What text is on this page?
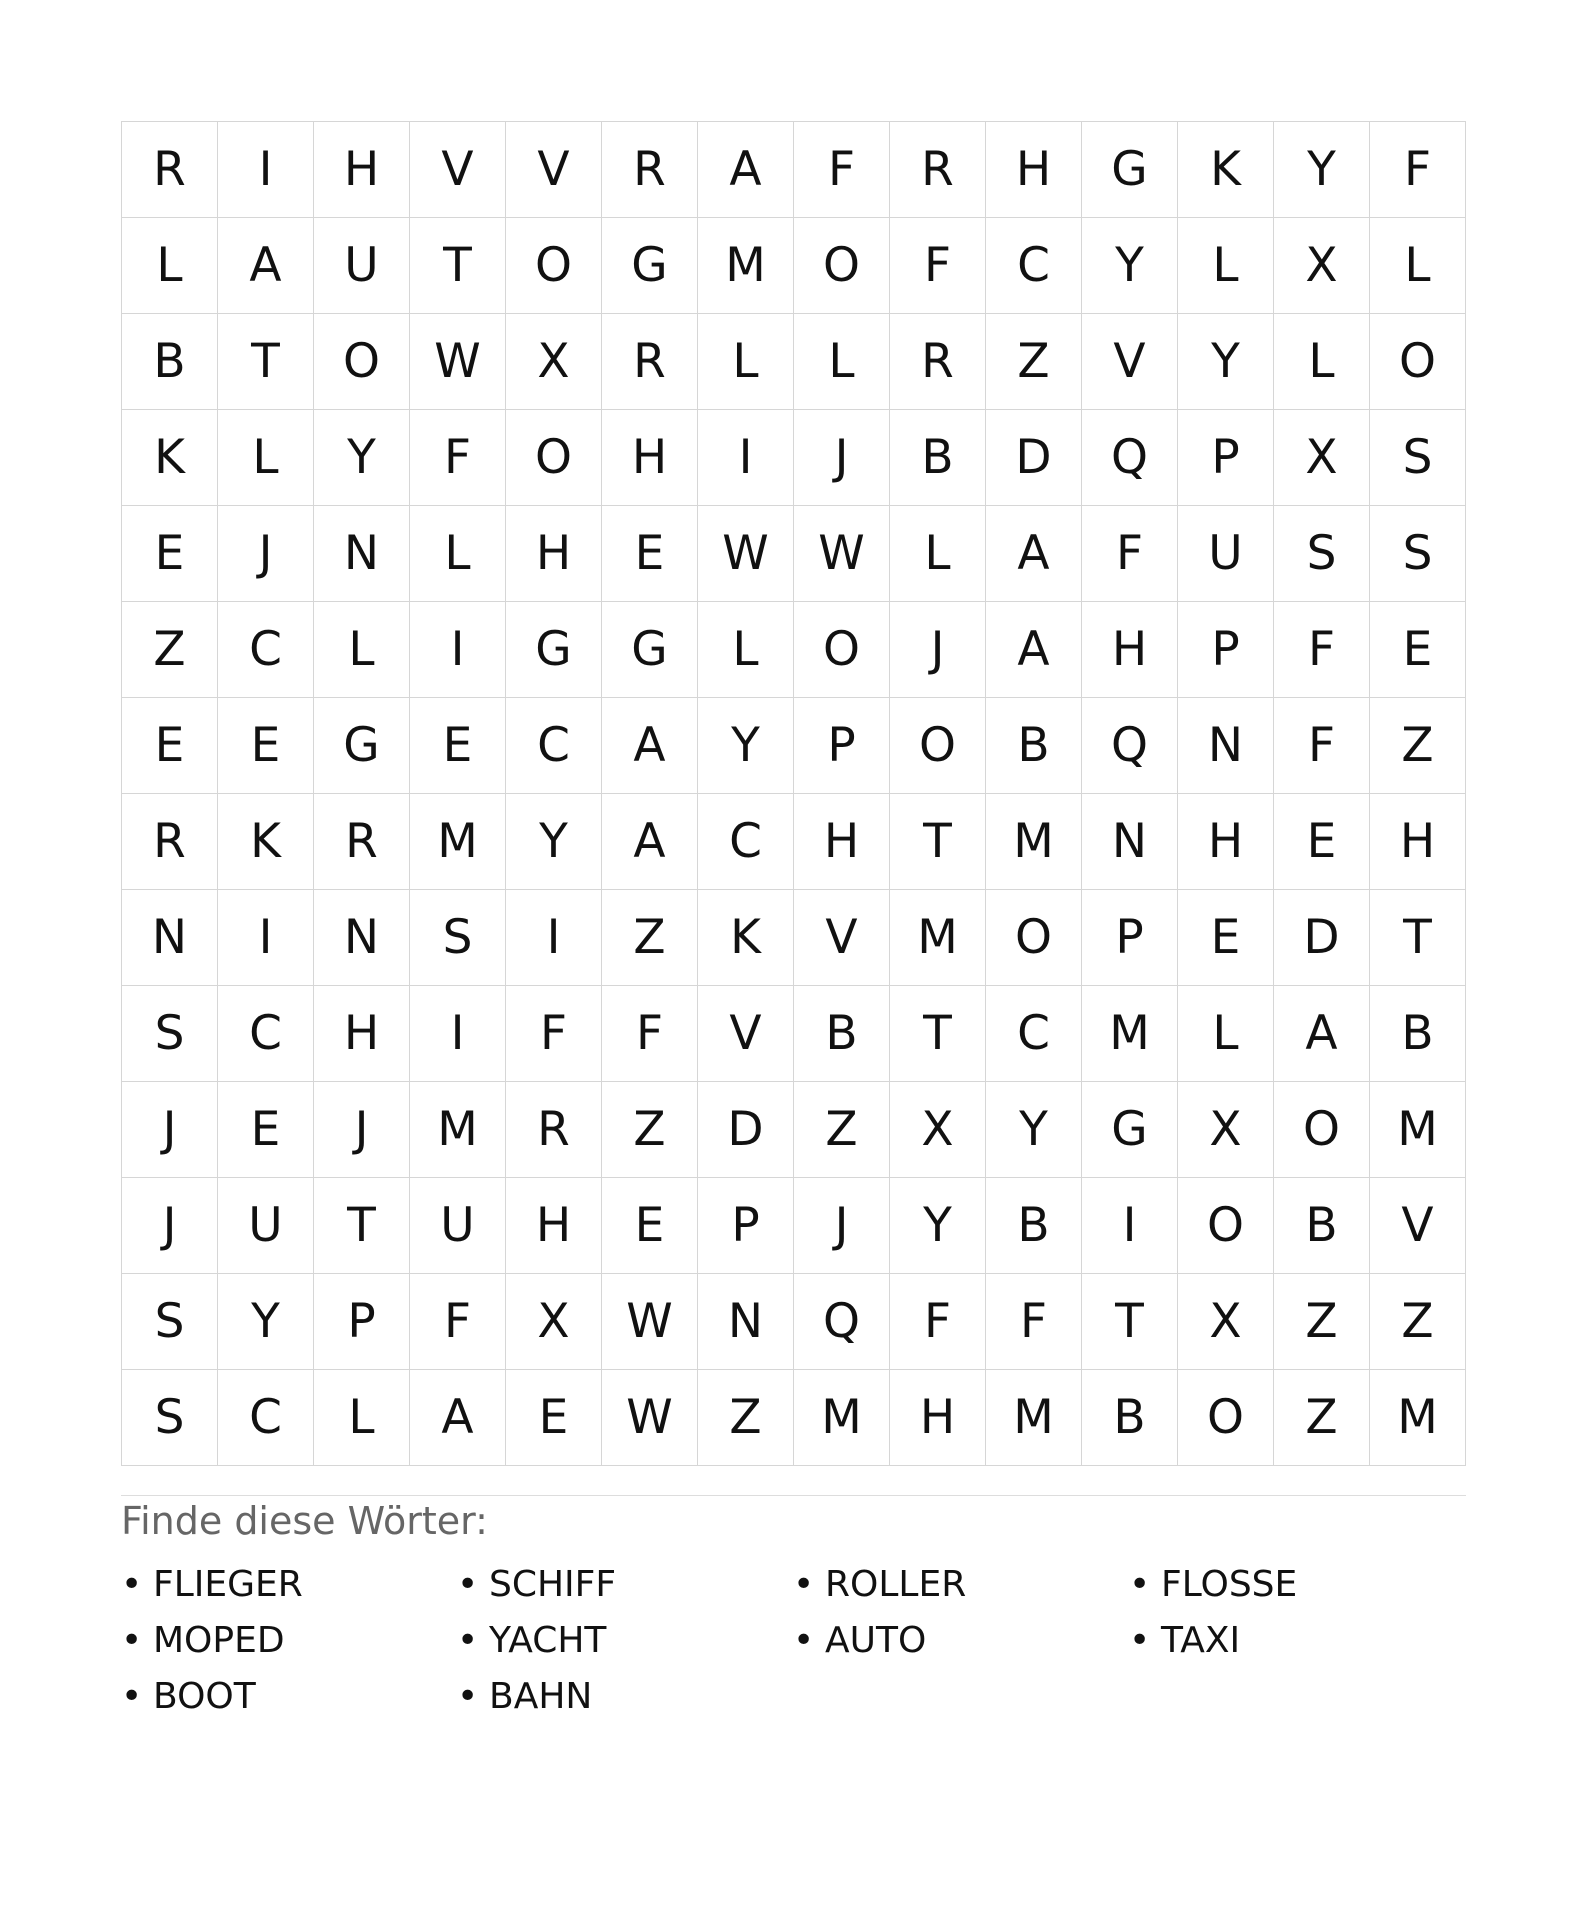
R	I	H	V	V	R	A	F	R	H	G	K	Y	F
L	A	U	T	O	G	M	O	F	C	Y	L	X	L
B	T	O	W	X	R	L	L	R	Z	V	Y	L	O
K	L	Y	F	O	H	I	J	B	D	Q	P	X	S
E	J	N	L	H	E	W	W	L	A	F	U	S	S
Z	C	L	I	G	G	L	O	J	A	H	P	F	E
E	E	G	E	C	A	Y	P	O	B	Q	N	F	Z
R	K	R	M	Y	A	C	H	T	M	N	H	E	H
N	I	N	S	I	Z	K	V	M	O	P	E	D	T
S	C	H	I	F	F	V	B	T	C	M	L	A	B
J	E	J	M	R	Z	D	Z	X	Y	G	X	O	M
J	U	T	U	H	E	P	J	Y	B	I	O	B	V
S	Y	P	F	X	W	N	Q	F	F	T	X	Z	Z
S	C	L	A	E	W	Z	M	H	M	B	O	Z	M
Finde diese Wörter:
• FLIEGER	• SCHIFF	• ROLLER	• FLOSSE
• MOPED	• YACHT	• AUTO	• TAXI
• BOOT	• BAHN
